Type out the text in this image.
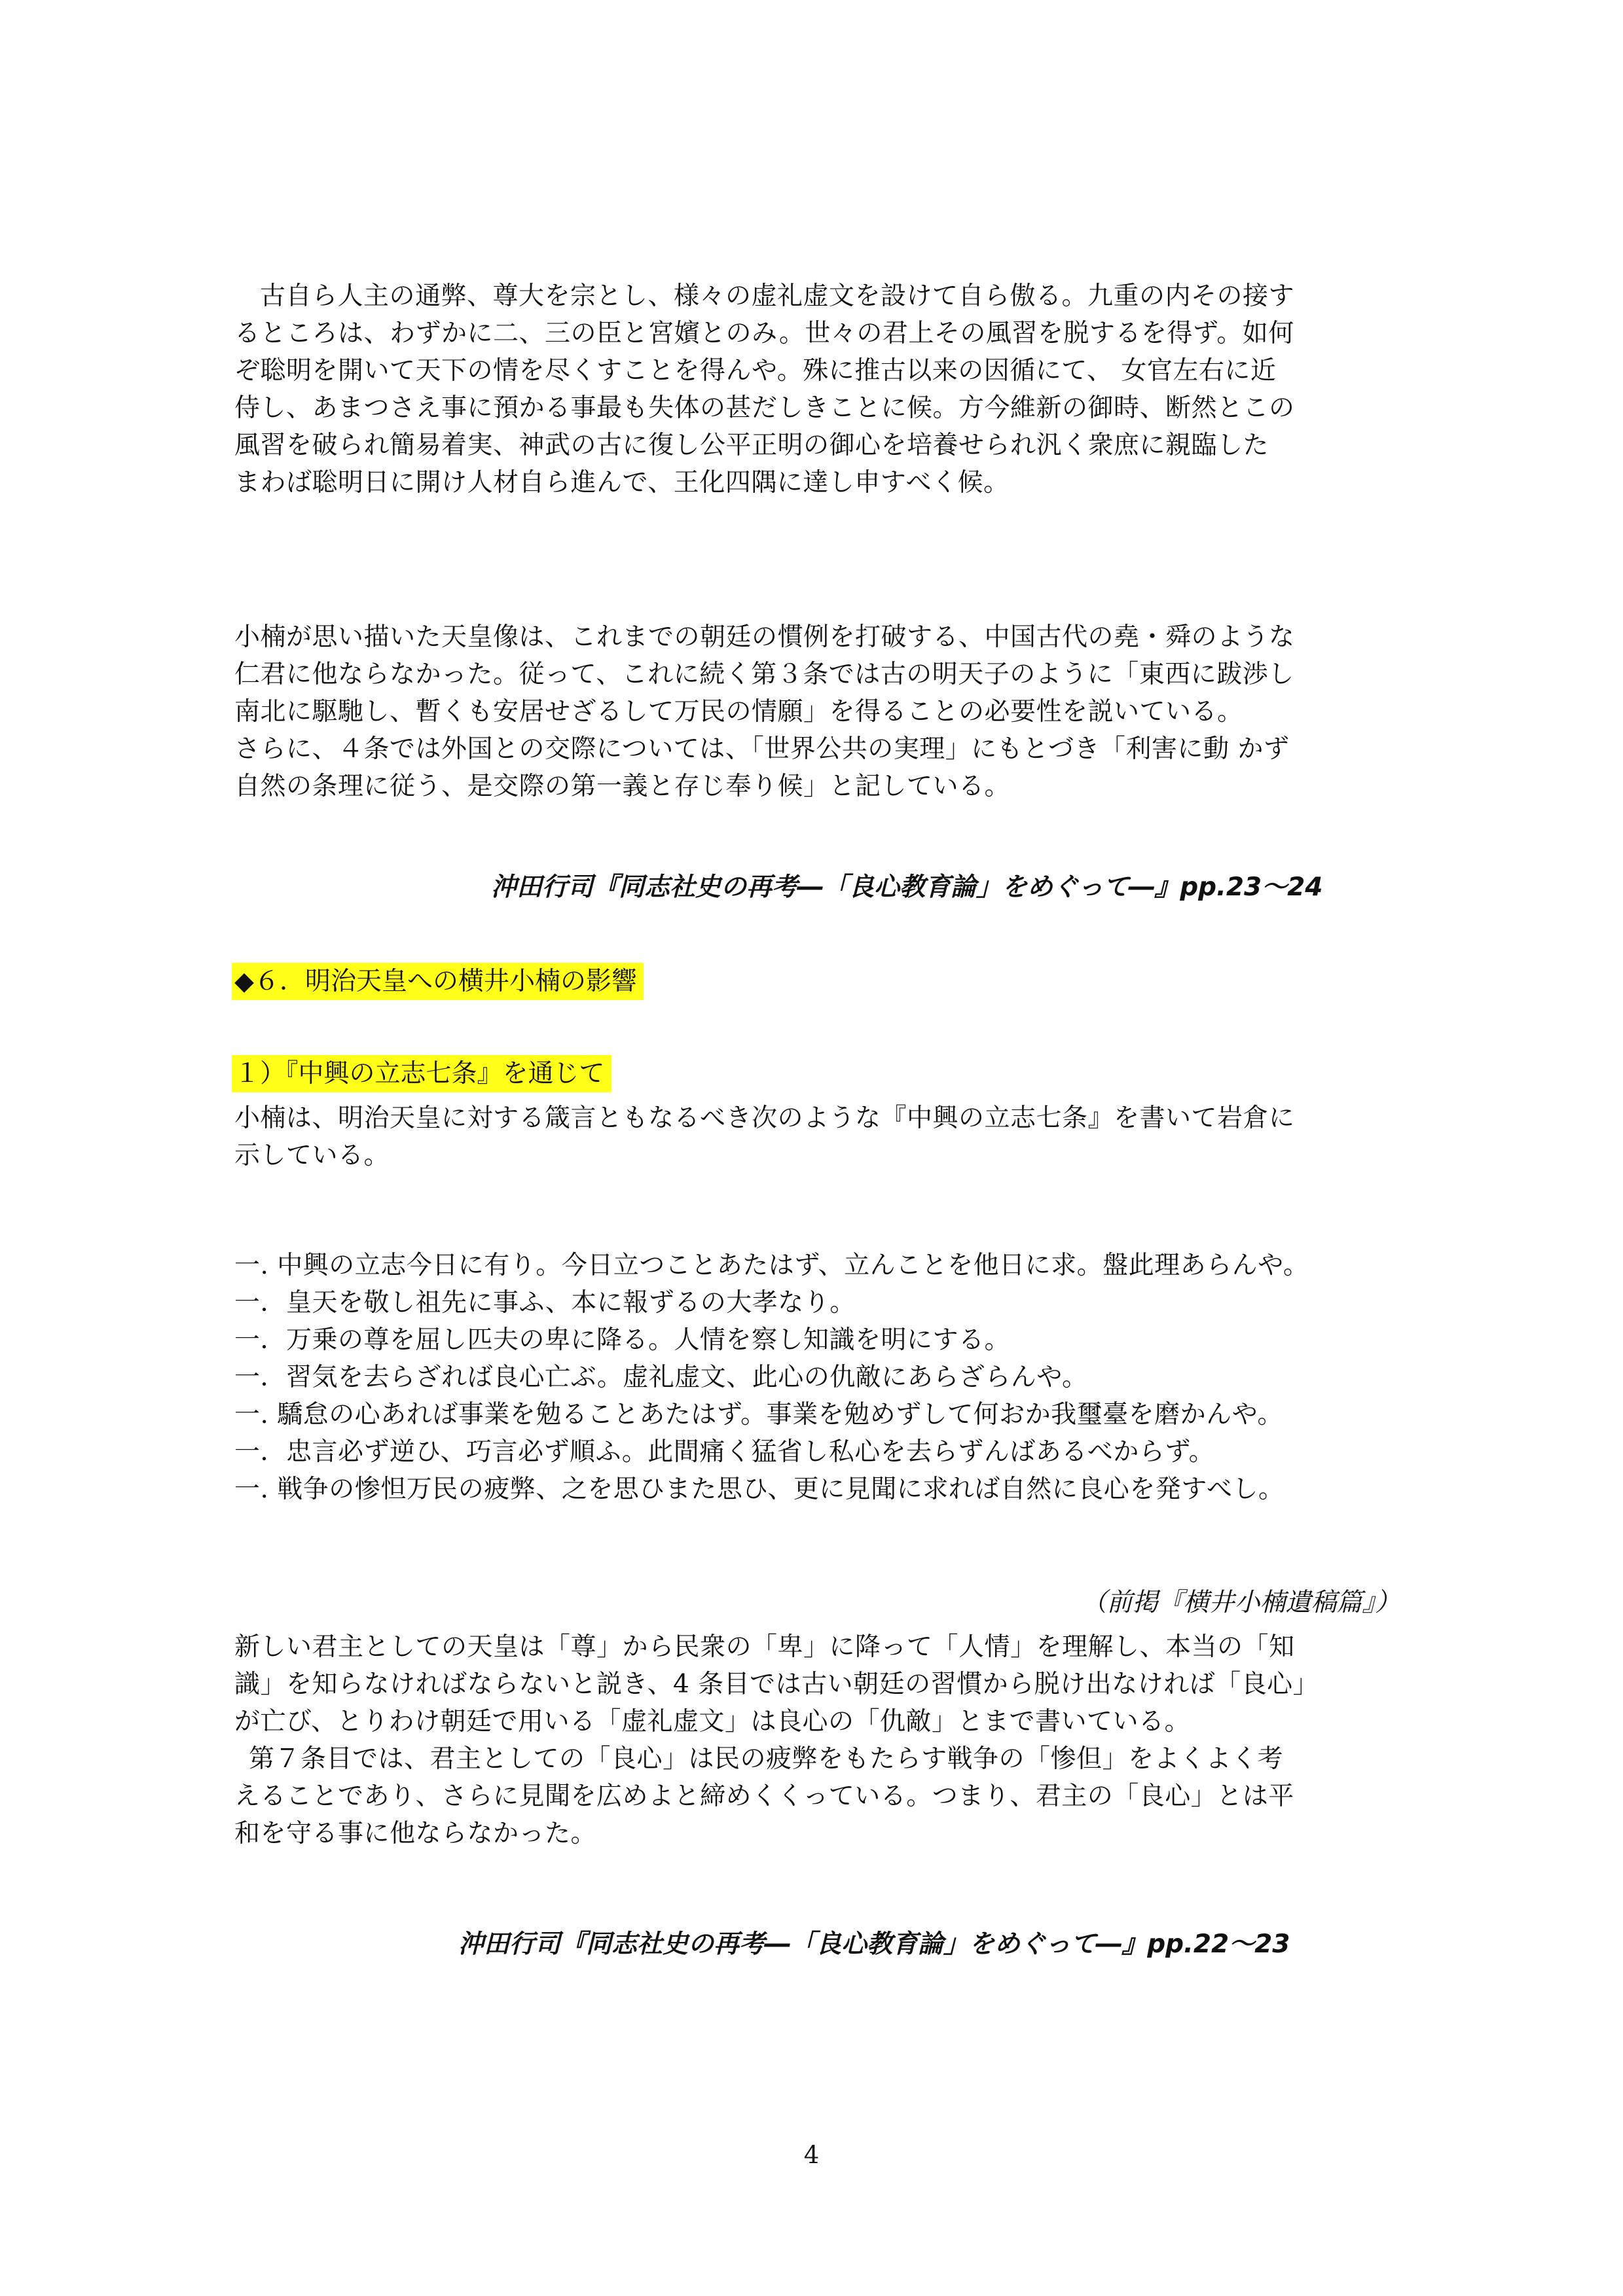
古自ら人主の通弊、尊大を宗とし、様々の虚礼虚文を設けて自ら傲る。九重の内その接す
るところは、わずかに二、三の臣と宮嬪とのみ。世々の君上その風習を脱するを得ず。如何
ぞ聡明を開いて天下の情を尽くすことを得んや。殊に推古以来の因循にて、 女官左右に近
侍し、あまつさえ事に預かる事最も失体の甚だしきことに候。方今維新の御時、断然とこの
風習を破られ簡易着実、神武の古に復し公平正明の御心を培養せられ汎く衆庶に親臨した
まわば聡明日に開け人材自ら進んで、王化四隅に達し申すべく候。
小楠が思い描いた天皇像は、これまでの朝廷の慣例を打破する、中国古代の堯・舜のような
仁君に他ならなかった。従って、これに続く第３条では古の明天子のように「東西に跋渉し
南北に駆馳し、暫くも安居せざるして万民の情願」を得ることの必要性を説いている。
さらに、４条では外国との交際については、「世界公共の実理」にもとづき「利害に動 かず
自然の条理に従う、是交際の第一義と存じ奉り候」と記している。
沖田行司『同志社史の再考―「良心教育論」をめぐって―』pp.23〜24
◆６．明治天皇への横井小楠の影響
１）『中興の立志七条』を通じて
小楠は、明治天皇に対する箴言ともなるべき次のような『中興の立志七条』を書いて岩倉に
示している。
一. 中興の立志今日に有り。今日立つことあたはず、立んことを他日に求。盤此理あらんや。
一．皇天を敬し祖先に事ふ、本に報ずるの大孝なり。
一．万乗の尊を屈し匹夫の卑に降る。人情を察し知識を明にする。
一．習気を去らざれば良心亡ぶ。虚礼虚文、此心の仇敵にあらざらんや。
一. 驕怠の心あれば事業を勉ることあたはず。事業を勉めずして何おか我璽臺を磨かんや。
一．忠言必ず逆ひ、巧言必ず順ふ。此間痛く猛省し私心を去らずんばあるべからず。
一. 戦争の惨怛万民の疲弊、之を思ひまた思ひ、更に見聞に求れば自然に良心を発すべし。
（前掲『横井小楠遺稿篇』）
新しい君主としての天皇は「尊」から民衆の「卑」に降って「人情」を理解し、本当の「知
識」を知らなければならないと説き、4 条目では古い朝廷の習慣から脱け出なければ「良心」
が亡び、とりわけ朝廷で用いる「虚礼虚文」は良心の「仇敵」とまで書いている。
第７条目では、君主としての「良心」は民の疲弊をもたらす戦争の「惨但」をよくよく考
えることであり、さらに見聞を広めよと締めくくっている。つまり、君主の「良心」とは平
和を守る事に他ならなかった。
沖田行司『同志社史の再考―「良心教育論」をめぐって―』pp.22〜23
4
